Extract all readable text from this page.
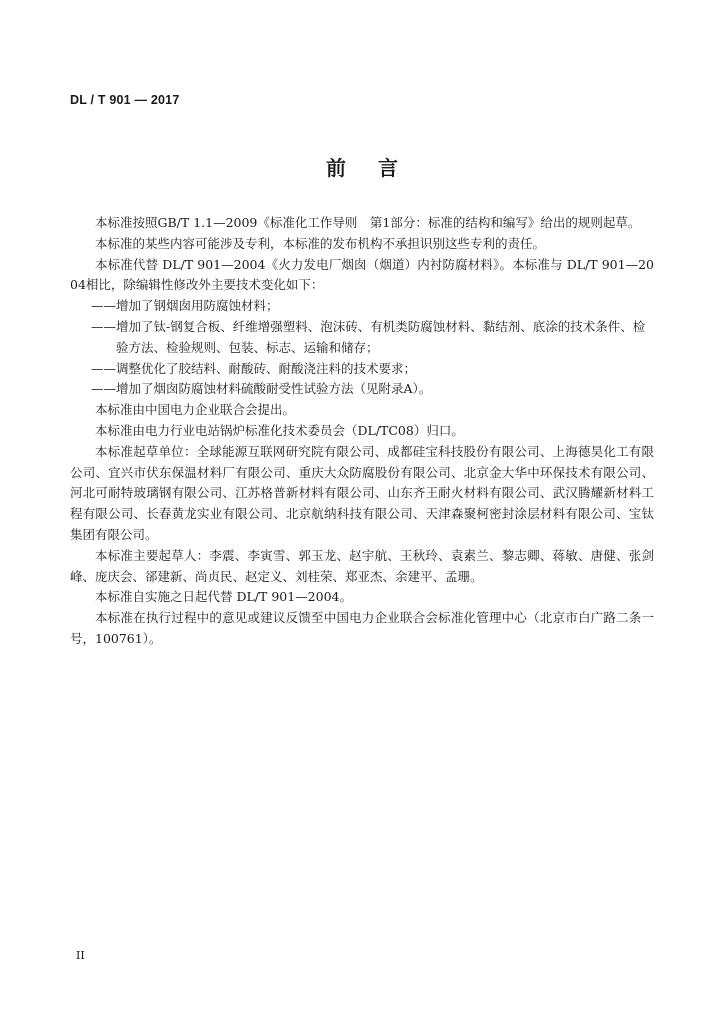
DL / T 901 — 2017
前言

本标准按照GB/T 1.1—2009《标准化工作导则　第1部分：标准的结构和编写》给出的规则起草。

本标准的某些内容可能涉及专利，本标准的发布机构不承担识别这些专利的责任。

本标准代替 DL/T 901—2004《火力发电厂烟囱（烟道）内衬防腐材料》。本标准与 DL/T 901—2004相比，除编辑性修改外主要技术变化如下：

——增加了钢烟囱用防腐蚀材料；

——增加了钛-钢复合板、纤维增强塑料、泡沫砖、有机类防腐蚀材料、黏结剂、底涂的技术条件、检验方法、检验规则、包装、标志、运输和储存；

——调整优化了胶结料、耐酸砖、耐酸浇注料的技术要求；

——增加了烟囱防腐蚀材料硫酸耐受性试验方法（见附录A）。

本标准由中国电力企业联合会提出。

本标准由电力行业电站锅炉标准化技术委员会（DL/TC08）归口。

本标准起草单位：全球能源互联网研究院有限公司、成都硅宝科技股份有限公司、上海德昊化工有限公司、宜兴市伏东保温材料厂有限公司、重庆大众防腐股份有限公司、北京金大华中环保技术有限公司、河北可耐特玻璃钢有限公司、江苏格普新材料有限公司、山东齐王耐火材料有限公司、武汉腾耀新材料工程有限公司、长春黄龙实业有限公司、北京航纳科技有限公司、天津森聚柯密封涂层材料有限公司、宝钛集团有限公司。

本标准主要起草人：李震、李寅雪、郭玉龙、赵宇航、王秋玲、袁素兰、黎志卿、蒋敏、唐健、张剑峰、庞庆会、郤建新、尚贞民、赵定义、刘桂荣、郑亚杰、余建平、孟珊。

本标准自实施之日起代替 DL/T 901—2004。

本标准在执行过程中的意见或建议反馈至中国电力企业联合会标准化管理中心（北京市白广路二条一号，100761）。

II
